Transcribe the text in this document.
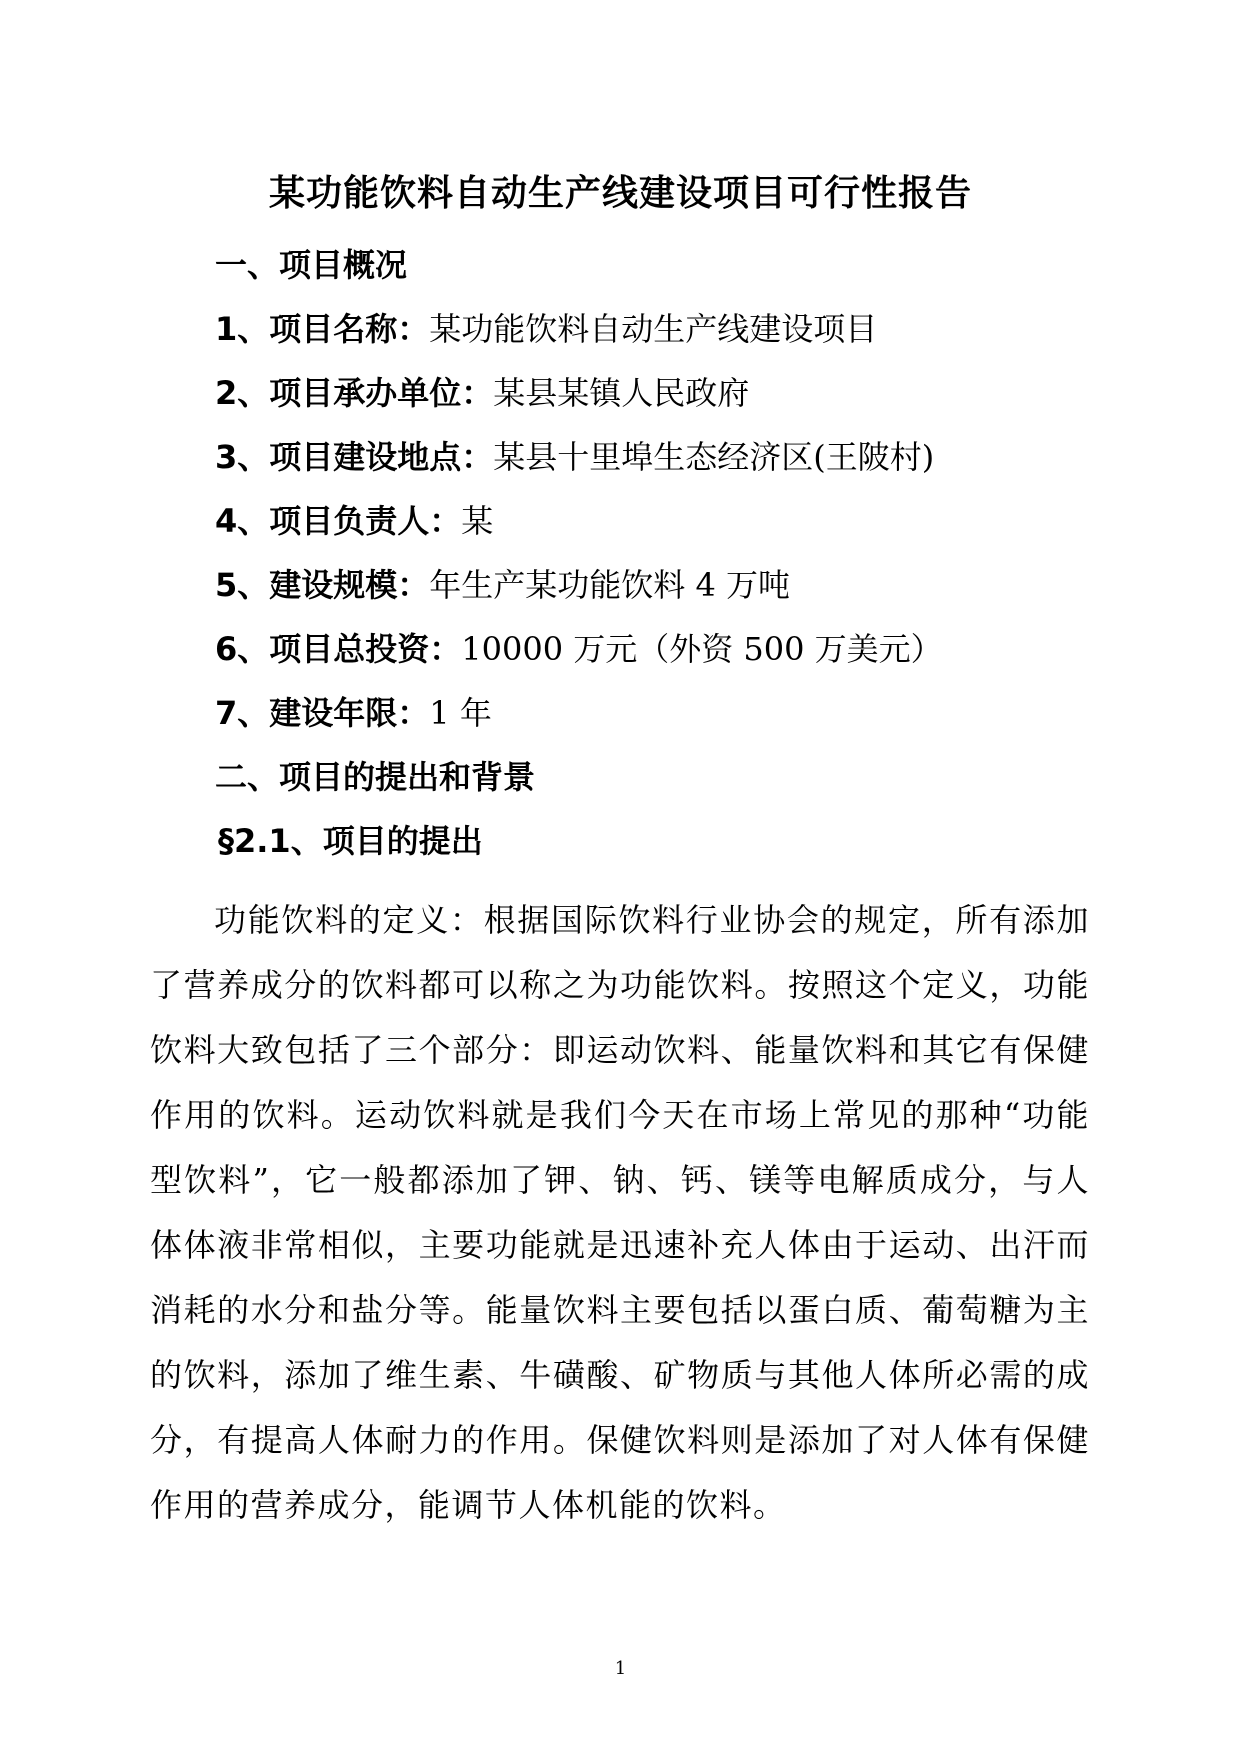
某功能饮料自动生产线建设项目可行性报告
一、项目概况
1、项目名称：某功能饮料自动生产线建设项目
2、项目承办单位：某县某镇人民政府
3、项目建设地点：某县十里埠生态经济区(王陂村)
4、项目负责人：某
5、建设规模：年生产某功能饮料 4 万吨
6、项目总投资：10000 万元（外资 500 万美元）
7、建设年限：1 年
二、项目的提出和背景
§2.1、项目的提出
功能饮料的定义：根据国际饮料行业协会的规定，所有添加了营养成分的饮料都可以称之为功能饮料。按照这个定义，功能饮料大致包括了三个部分：即运动饮料、能量饮料和其它有保健作用的饮料。运动饮料就是我们今天在市场上常见的那种“功能型饮料”，它一般都添加了钾、钠、钙、镁等电解质成分，与人体体液非常相似，主要功能就是迅速补充人体由于运动、出汗而消耗的水分和盐分等。能量饮料主要包括以蛋白质、葡萄糖为主的饮料，添加了维生素、牛磺酸、矿物质与其他人体所必需的成分，有提高人体耐力的作用。保健饮料则是添加了对人体有保健作用的营养成分，能调节人体机能的饮料。
1
